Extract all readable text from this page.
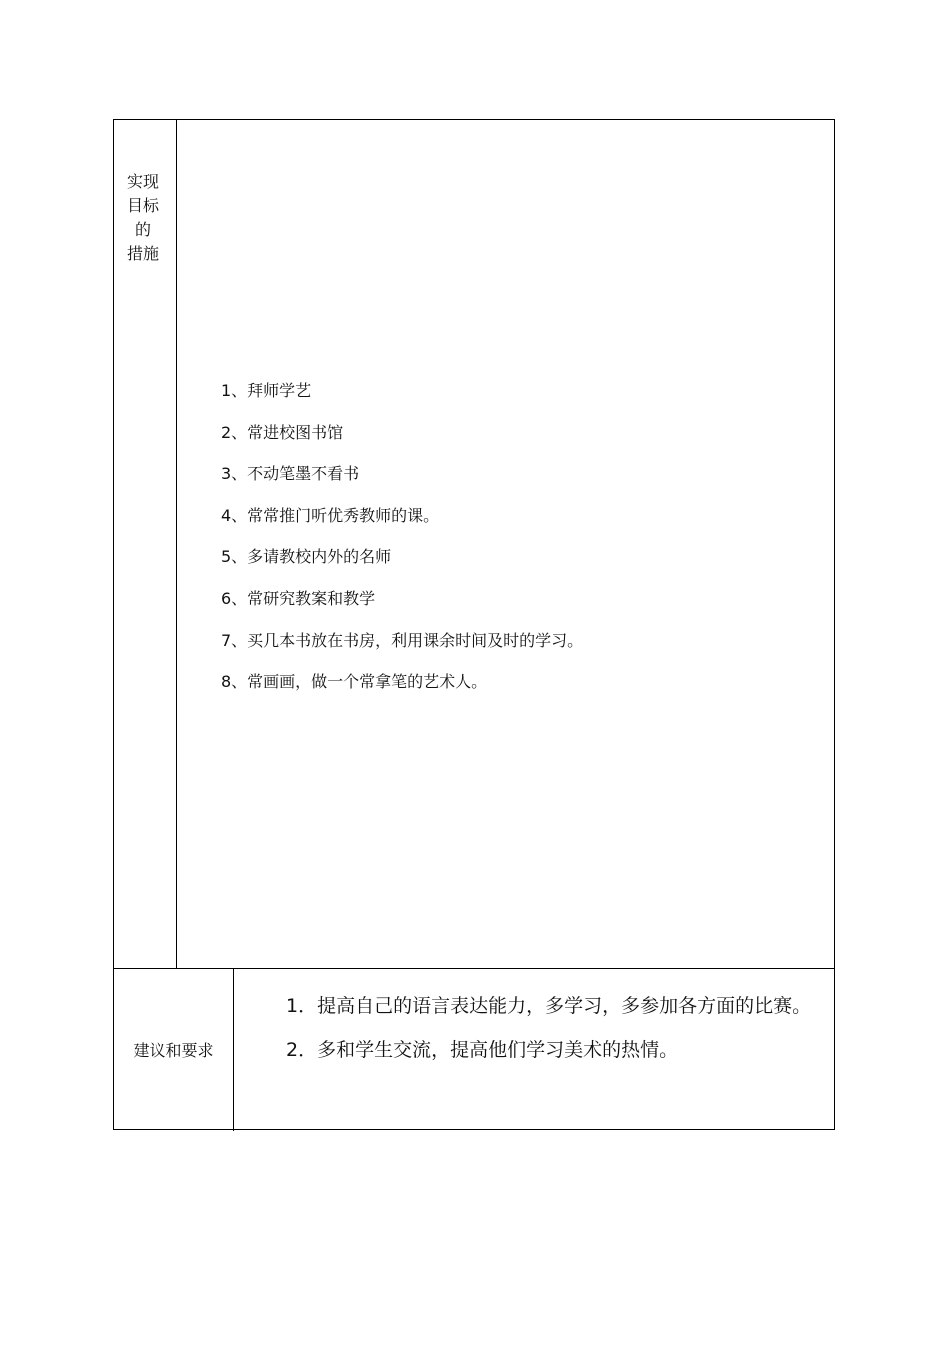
实现
目标
的
措施
1、拜师学艺
2、常进校图书馆
3、不动笔墨不看书
4、常常推门听优秀教师的课。
5、多请教校内外的名师
6、常研究教案和教学
7、买几本书放在书房，利用课余时间及时的学习。
8、常画画，做一个常拿笔的艺术人。
建议和要求

1．提高自己的语言表达能力，多学习，多参加各方面的比赛。

2．多和学生交流，提高他们学习美术的热情。
